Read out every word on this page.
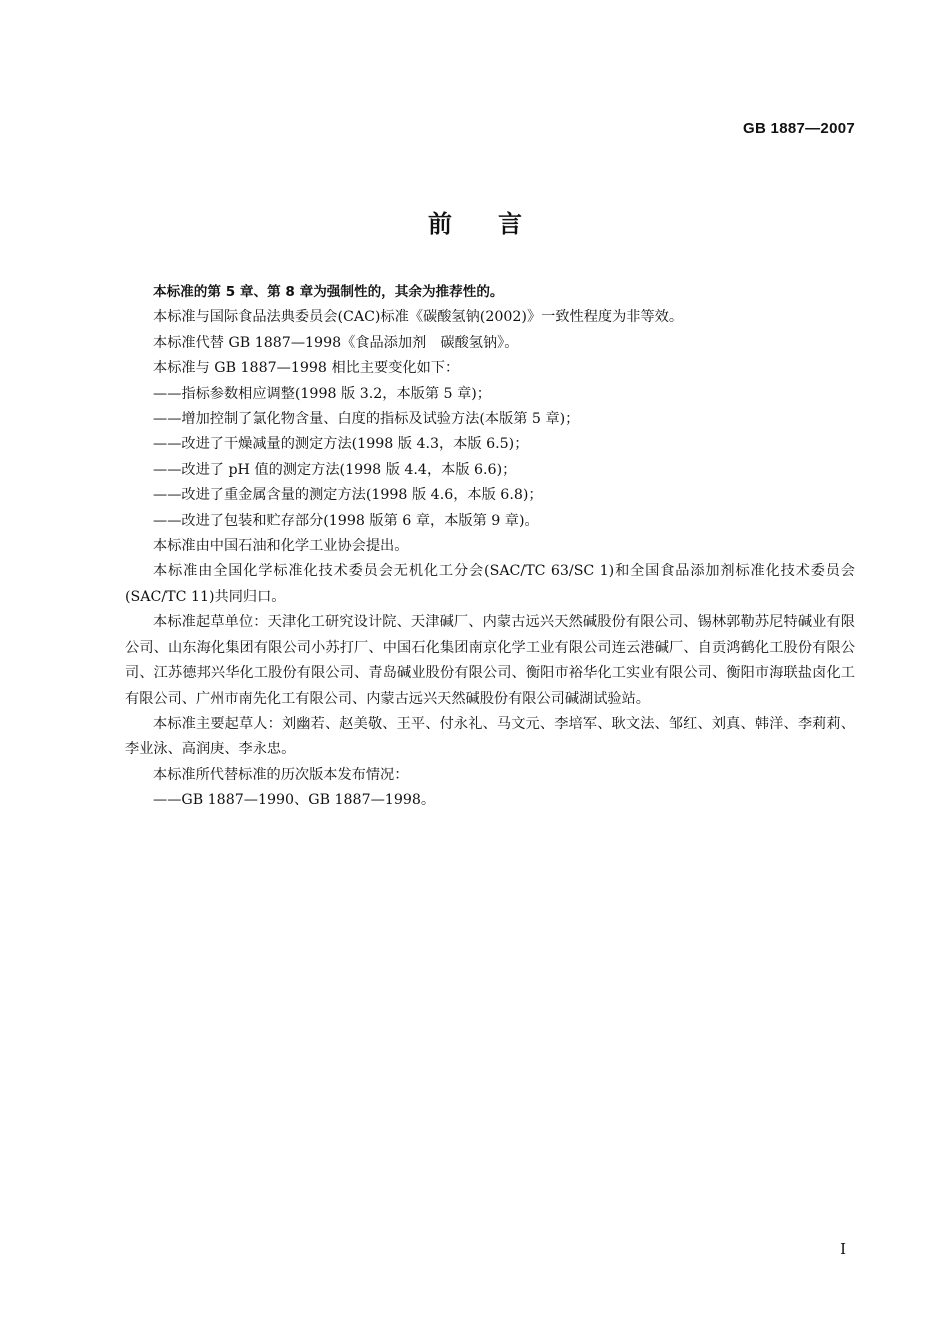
GB 1887—2007
前言

本标准的第 5 章、第 8 章为强制性的，其余为推荐性的。

本标准与国际食品法典委员会(CAC)标准《碳酸氢钠(2002)》一致性程度为非等效。

本标准代替 GB 1887—1998《食品添加剂　碳酸氢钠》。

本标准与 GB 1887—1998 相比主要变化如下：

——指标参数相应调整(1998 版 3.2，本版第 5 章)；

——增加控制了氯化物含量、白度的指标及试验方法(本版第 5 章)；

——改进了干燥减量的测定方法(1998 版 4.3，本版 6.5)；

——改进了 pH 值的测定方法(1998 版 4.4，本版 6.6)；

——改进了重金属含量的测定方法(1998 版 4.6，本版 6.8)；

——改进了包装和贮存部分(1998 版第 6 章，本版第 9 章)。

本标准由中国石油和化学工业协会提出。

本标准由全国化学标准化技术委员会无机化工分会(SAC/TC 63/SC 1)和全国食品添加剂标准化技术委员会(SAC/TC 11)共同归口。

本标准起草单位：天津化工研究设计院、天津碱厂、内蒙古远兴天然碱股份有限公司、锡林郭勒苏尼特碱业有限公司、山东海化集团有限公司小苏打厂、中国石化集团南京化学工业有限公司连云港碱厂、自贡鸿鹤化工股份有限公司、江苏德邦兴华化工股份有限公司、青岛碱业股份有限公司、衡阳市裕华化工实业有限公司、衡阳市海联盐卤化工有限公司、广州市南先化工有限公司、内蒙古远兴天然碱股份有限公司碱湖试验站。

本标准主要起草人：刘幽若、赵美敬、王平、付永礼、马文元、李培军、耿文法、邹红、刘真、韩洋、李莉莉、李业泳、高润庚、李永忠。

本标准所代替标准的历次版本发布情况：

——GB 1887—1990、GB 1887—1998。

I
